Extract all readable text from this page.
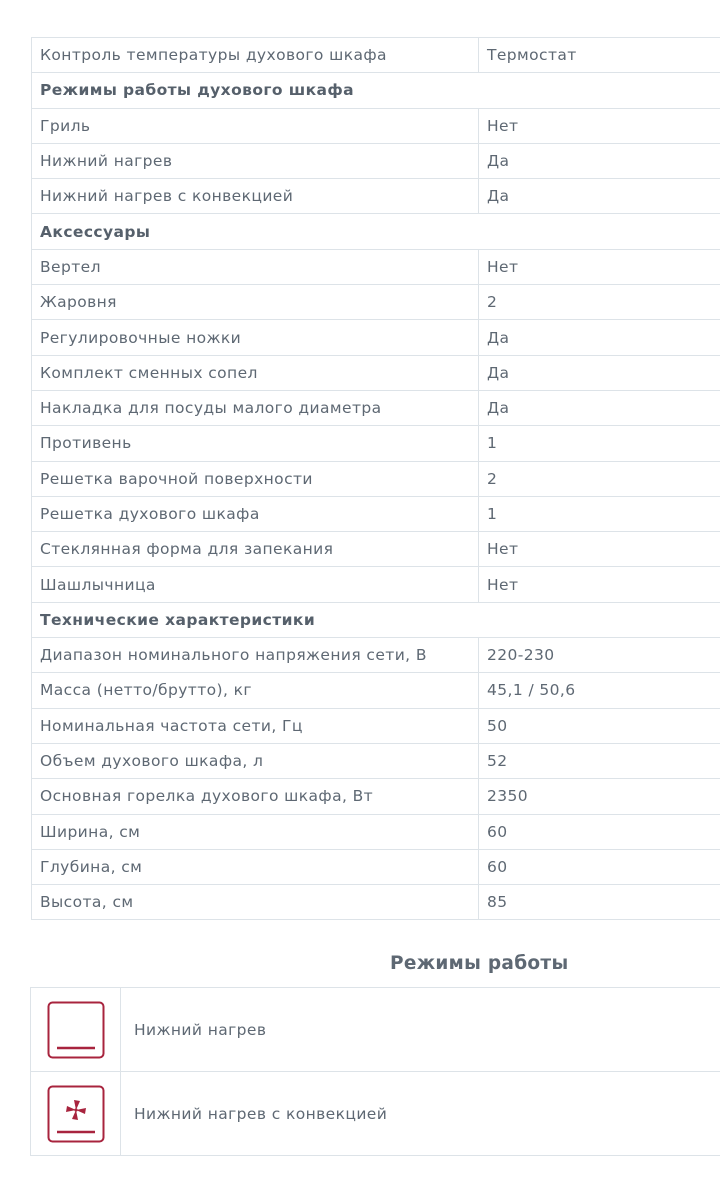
Контроль температуры духового шкафа	Термостат
Режимы работы духового шкафа	
Гриль	Нет
Нижний нагрев	Да
Нижний нагрев с конвекцией	Да
Аксессуары	
Вертел	Нет
Жаровня	2
Регулировочные ножки	Да
Комплект сменных сопел	Да
Накладка для посуды малого диаметра	Да
Противень	1
Решетка варочной поверхности	2
Решетка духового шкафа	1
Стеклянная форма для запекания	Нет
Шашлычница	Нет
Технические характеристики	
Диапазон номинального напряжения сети, В	220-230
Масса (нетто/брутто), кг	45,1 / 50,6
Номинальная частота сети, Гц	50
Объем духового шкафа, л	52
Основная горелка духового шкафа, Вт	2350
Ширина, см	60
Глубина, см	60
Высота, см	85
Режимы работы
	Нижний нагрев
	Нижний нагрев с конвекцией
